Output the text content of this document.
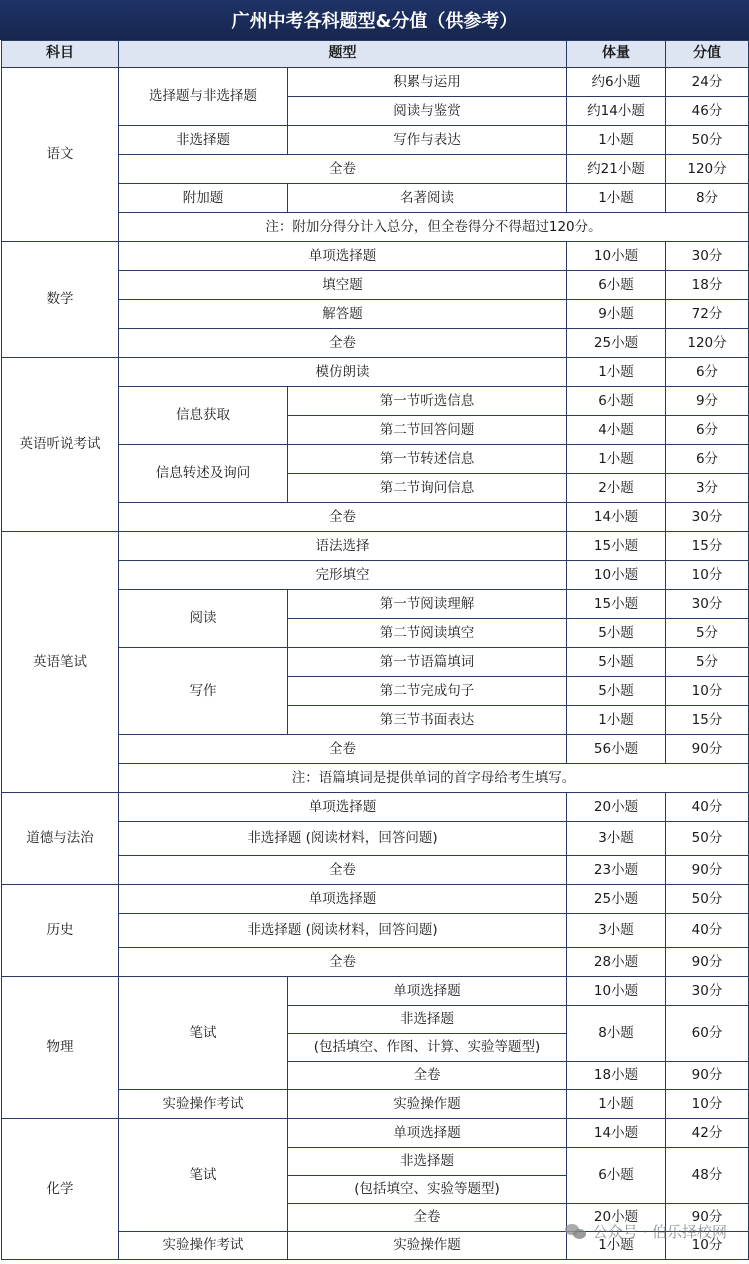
广州中考各科题型&分值（供参考）
科目	题型		体量	分值
语文	选择题与非选择题	积累与运用	约6小题	24分
		阅读与鉴赏	约14小题	46分
	非选择题	写作与表达	1小题	50分
	全卷		约21小题	120分
	附加题	名著阅读	1小题	8分
	注：附加分得分计入总分，但全卷得分不得超过120分。			
数学	单项选择题		10小题	30分
	填空题		6小题	18分
	解答题		9小题	72分
	全卷		25小题	120分
英语听说考试	模仿朗读		1小题	6分
	信息获取	第一节听选信息	6小题	9分
		第二节回答问题	4小题	6分
	信息转述及询问	第一节转述信息	1小题	6分
		第二节询问信息	2小题	3分
	全卷		14小题	30分
英语笔试	语法选择		15小题	15分
	完形填空		10小题	10分
	阅读	第一节阅读理解	15小题	30分
		第二节阅读填空	5小题	5分
	写作	第一节语篇填词	5小题	5分
		第二节完成句子	5小题	10分
		第三节书面表达	1小题	15分
	全卷		56小题	90分
	注：语篇填词是提供单词的首字母给考生填写。			
道德与法治	单项选择题		20小题	40分
	非选择题 (阅读材料，回答问题)		3小题	50分
	全卷		23小题	90分
历史	单项选择题		25小题	50分
	非选择题 (阅读材料，回答问题)		3小题	40分
	全卷		28小题	90分
物理	笔试	单项选择题	10小题	30分
		非选择题	8小题	60分
		(包括填空、作图、计算、实验等题型)		
		全卷	18小题	90分
	实验操作考试	实验操作题	1小题	10分
化学	笔试	单项选择题	14小题	42分
		非选择题	6小题	48分
		(包括填空、实验等题型)		
		全卷	20小题	90分
	实验操作考试	实验操作题	1小题	10分
公众号 · 伯乐择校网
